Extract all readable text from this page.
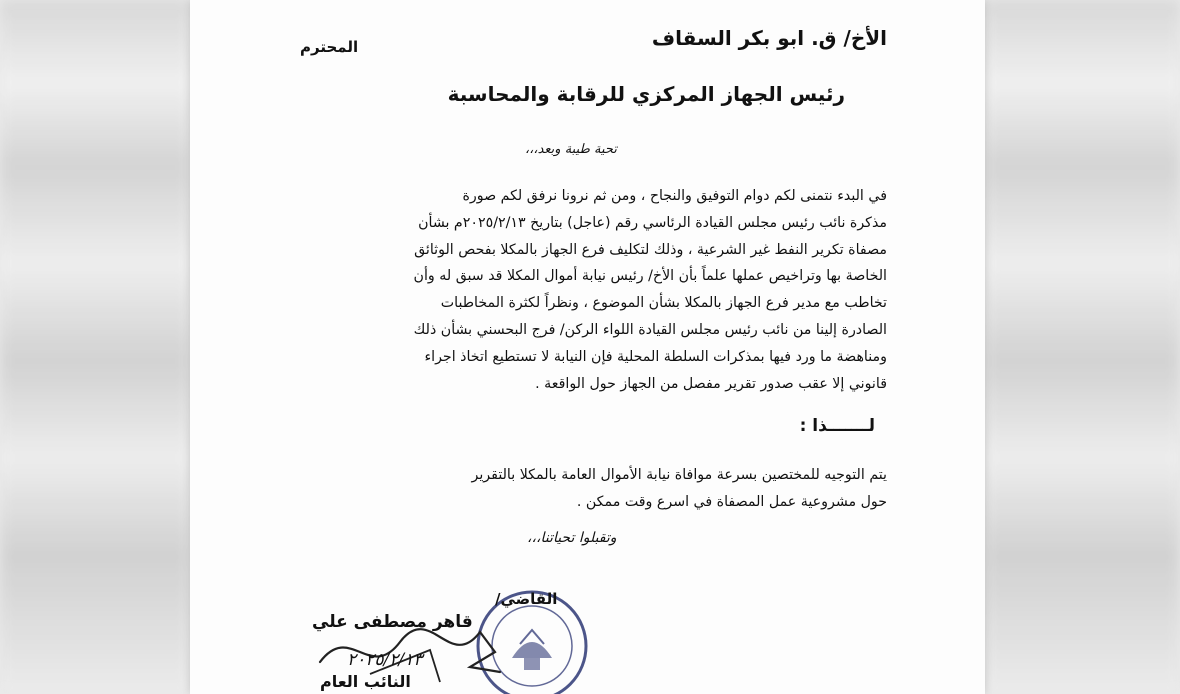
الأخ/ ق. ابو بكر السقاف
المحترم
رئيس الجهاز المركزي للرقابة والمحاسبة
تحية طيبة وبعد،،،
في البدء نتمنى لكم دوام التوفيق والنجاح ، ومن ثم نرونا نرفق لكم صورة
مذكرة نائب رئيس مجلس القيادة الرئاسي رقم (عاجل) بتاريخ ٢٠٢٥/٢/١٣م بشأن
مصفاة تكرير النفط غير الشرعية ، وذلك لتكليف فرع الجهاز بالمكلا بفحص الوثائق
الخاصة بها وتراخيص عملها علماً بأن الأخ/ رئيس نيابة أموال المكلا قد سبق له وأن
تخاطب مع مدير فرع الجهاز بالمكلا بشأن الموضوع ، ونظراً لكثرة المخاطبات
الصادرة إلينا من نائب رئيس مجلس القيادة اللواء الركن/ فرج البحسني بشأن ذلك
ومناهضة ما ورد فيها بمذكرات السلطة المحلية فإن النيابة لا تستطيع اتخاذ اجراء
قانوني إلا عقب صدور تقرير مفصل من الجهاز حول الواقعة .
لـــــــذا :
يتم التوجيه للمختصين بسرعة موافاة نيابة الأموال العامة بالمكلا بالتقرير
حول مشروعية عمل المصفاة في اسرع وقت ممكن .
وتقبلوا تحياتنا،،،
القاضي/
قاهر مصطفى علي
٢٠٢٥/٢/١٣
النائب العام
